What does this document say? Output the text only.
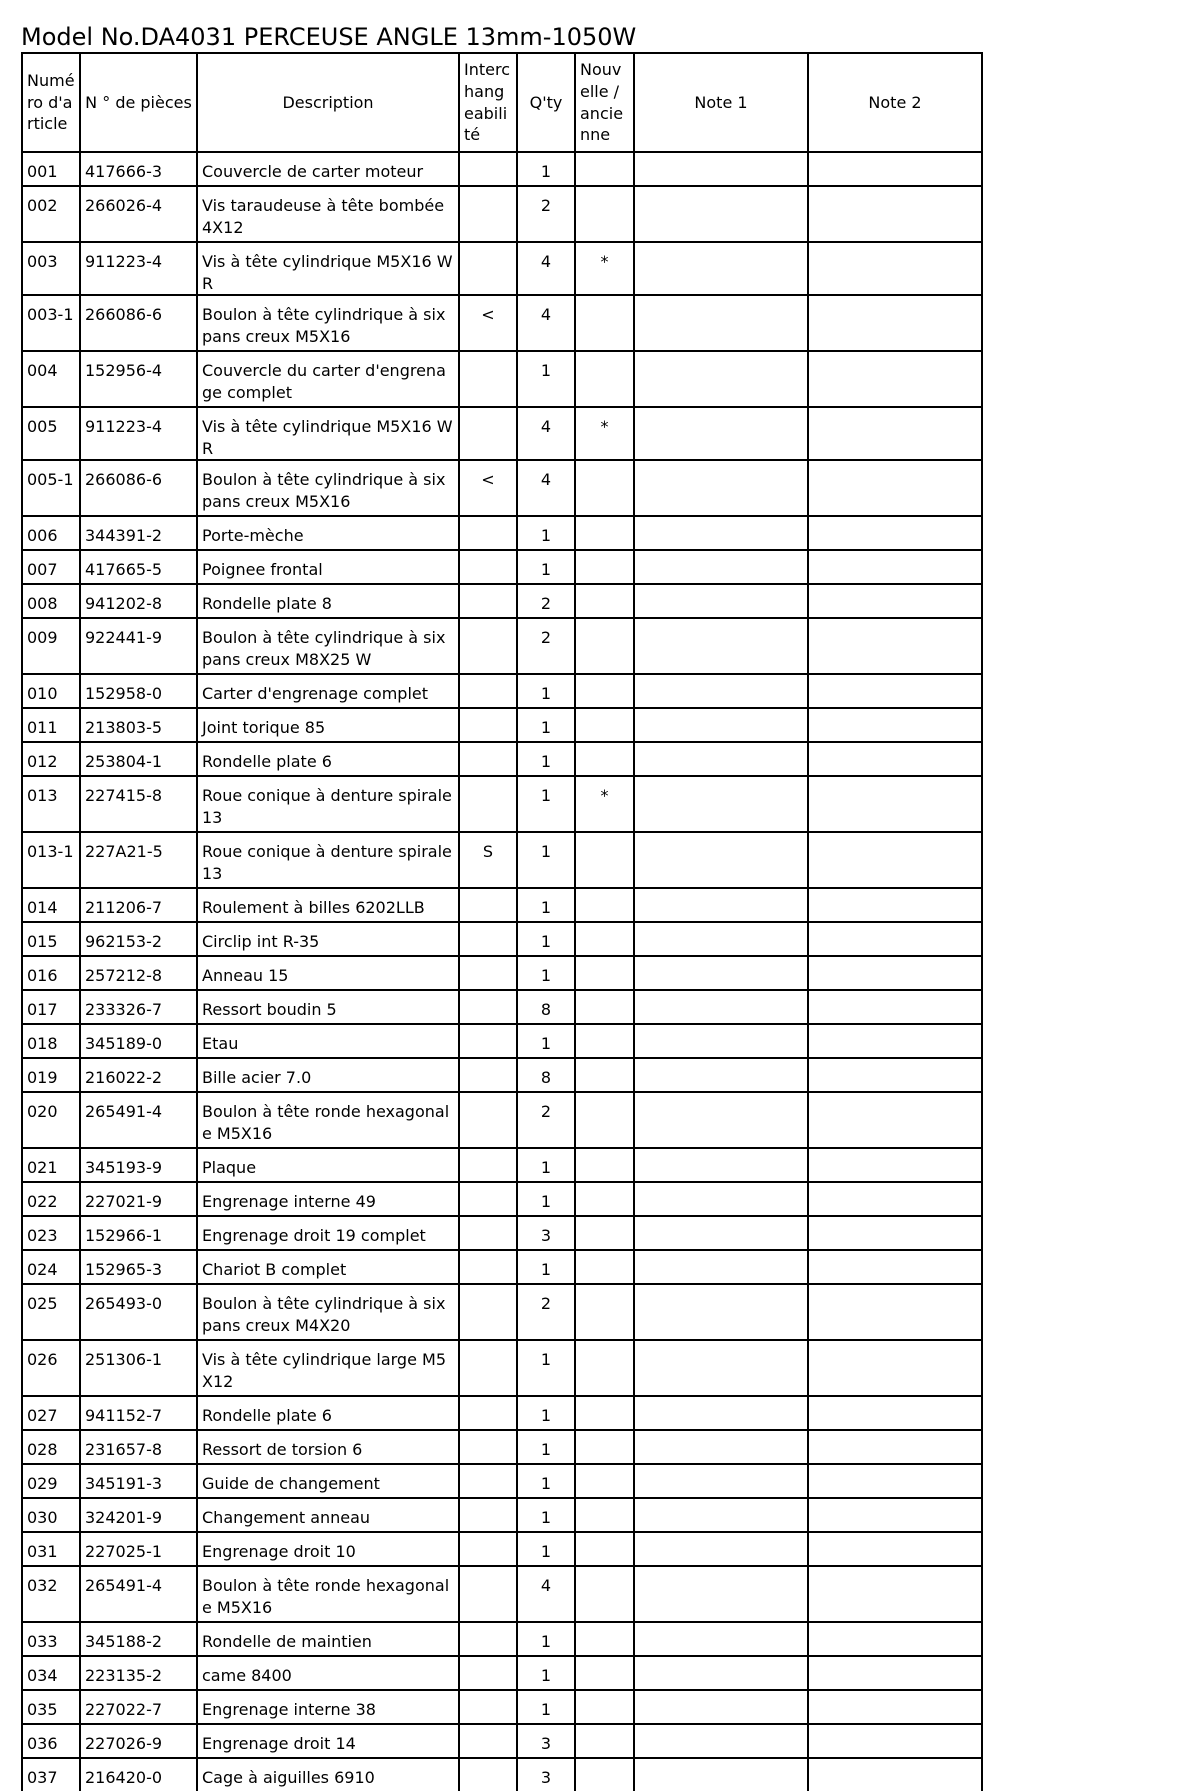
Model No.DA4031 PERCEUSE ANGLE 13mm-1050W
Numéro d'article	N ° de pièces	Description	Interchangeabilité	Q'ty	Nouvelle / ancienne	Note 1	Note 2
001	417666-3	Couvercle de carter moteur		1			
002	266026-4	Vis taraudeuse à tête bombée 4X12		2			
003	911223-4	Vis à tête cylindrique M5X16 WR		4	*		
003-1	266086-6	Boulon à tête cylindrique à six pans creux M5X16	<	4			
004	152956-4	Couvercle du carter d'engrenage complet		1			
005	911223-4	Vis à tête cylindrique M5X16 WR		4	*		
005-1	266086-6	Boulon à tête cylindrique à six pans creux M5X16	<	4			
006	344391-2	Porte-mèche		1			
007	417665-5	Poignee frontal		1			
008	941202-8	Rondelle plate 8		2			
009	922441-9	Boulon à tête cylindrique à six pans creux M8X25 W		2			
010	152958-0	Carter d'engrenage complet		1			
011	213803-5	Joint torique 85		1			
012	253804-1	Rondelle plate 6		1			
013	227415-8	Roue conique à denture spirale 13		1	*		
013-1	227A21-5	Roue conique à denture spirale 13	S	1			
014	211206-7	Roulement à billes 6202LLB		1			
015	962153-2	Circlip int R-35		1			
016	257212-8	Anneau 15		1			
017	233326-7	Ressort boudin 5		8			
018	345189-0	Etau		1			
019	216022-2	Bille acier 7.0		8			
020	265491-4	Boulon à tête ronde hexagonale M5X16		2			
021	345193-9	Plaque		1			
022	227021-9	Engrenage interne 49		1			
023	152966-1	Engrenage droit 19 complet		3			
024	152965-3	Chariot B complet		1			
025	265493-0	Boulon à tête cylindrique à six pans creux M4X20		2			
026	251306-1	Vis à tête cylindrique large M5X12		1			
027	941152-7	Rondelle plate 6		1			
028	231657-8	Ressort de torsion 6		1			
029	345191-3	Guide de changement		1			
030	324201-9	Changement anneau		1			
031	227025-1	Engrenage droit 10		1			
032	265491-4	Boulon à tête ronde hexagonale M5X16		4			
033	345188-2	Rondelle de maintien		1			
034	223135-2	came 8400		1			
035	227022-7	Engrenage interne 38		1			
036	227026-9	Engrenage droit 14		3			
037	216420-0	Cage à aiguilles 6910		3			
